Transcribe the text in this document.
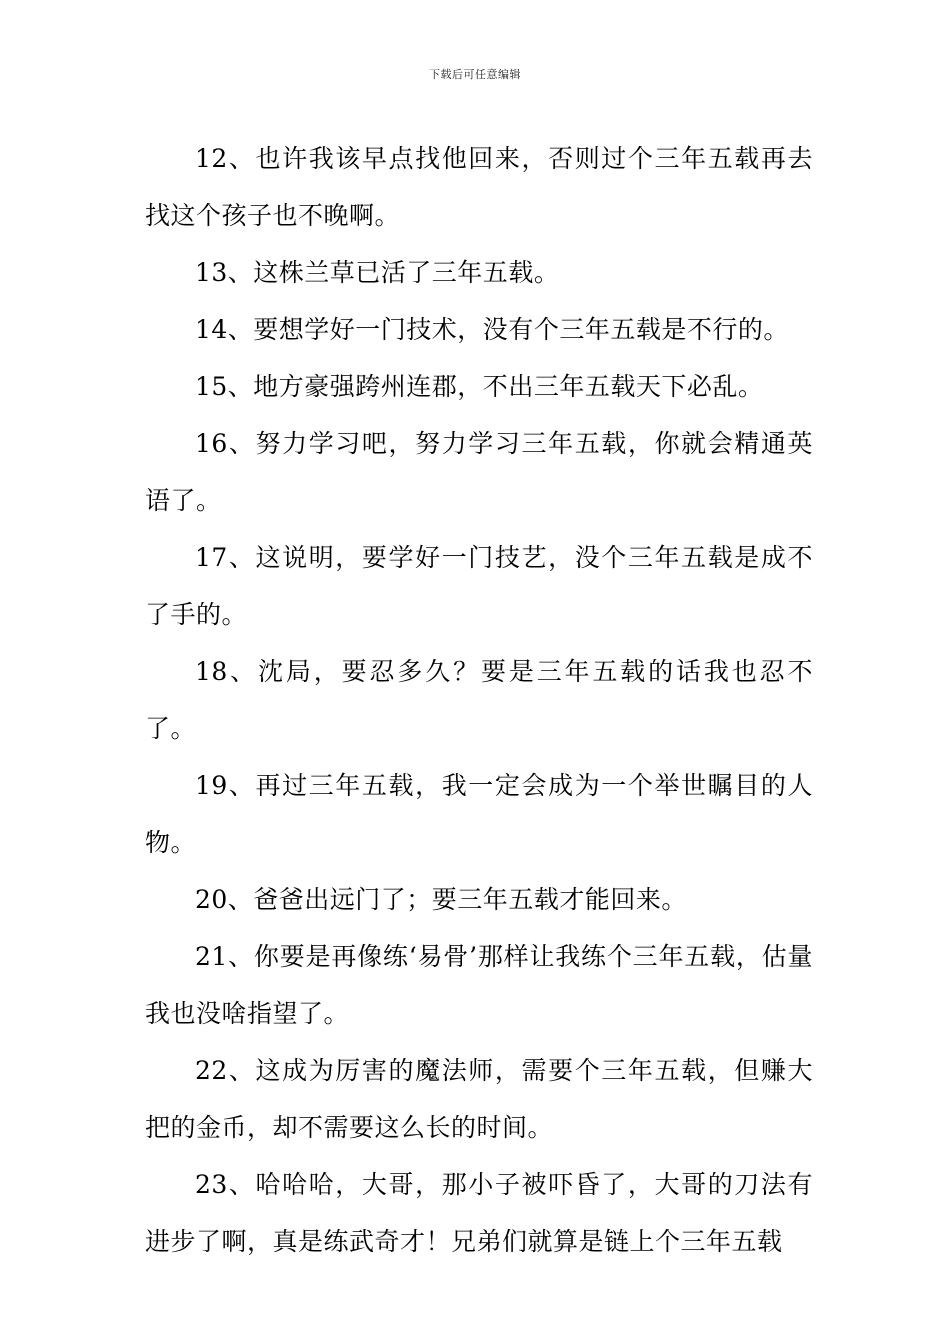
下载后可任意编辑

12、也许我该早点找他回来，否则过个三年五载再去找这个孩子也不晚啊。

13、这株兰草已活了三年五载。

14、要想学好一门技术，没有个三年五载是不行的。

15、地方豪强跨州连郡，不出三年五载天下必乱。

16、努力学习吧，努力学习三年五载，你就会精通英语了。

17、这说明，要学好一门技艺，没个三年五载是成不了手的。

18、沈局，要忍多久？要是三年五载的话我也忍不了。

19、再过三年五载，我一定会成为一个举世瞩目的人物。

20、爸爸出远门了；要三年五载才能回来。

21、你要是再像练‘易骨’那样让我练个三年五载，估量我也没啥指望了。

22、这成为厉害的魔法师，需要个三年五载，但赚大把的金币，却不需要这么长的时间。

23、哈哈哈，大哥，那小子被吓昏了，大哥的刀法有进步了啊，真是练武奇才！兄弟们就算是链上个三年五载
